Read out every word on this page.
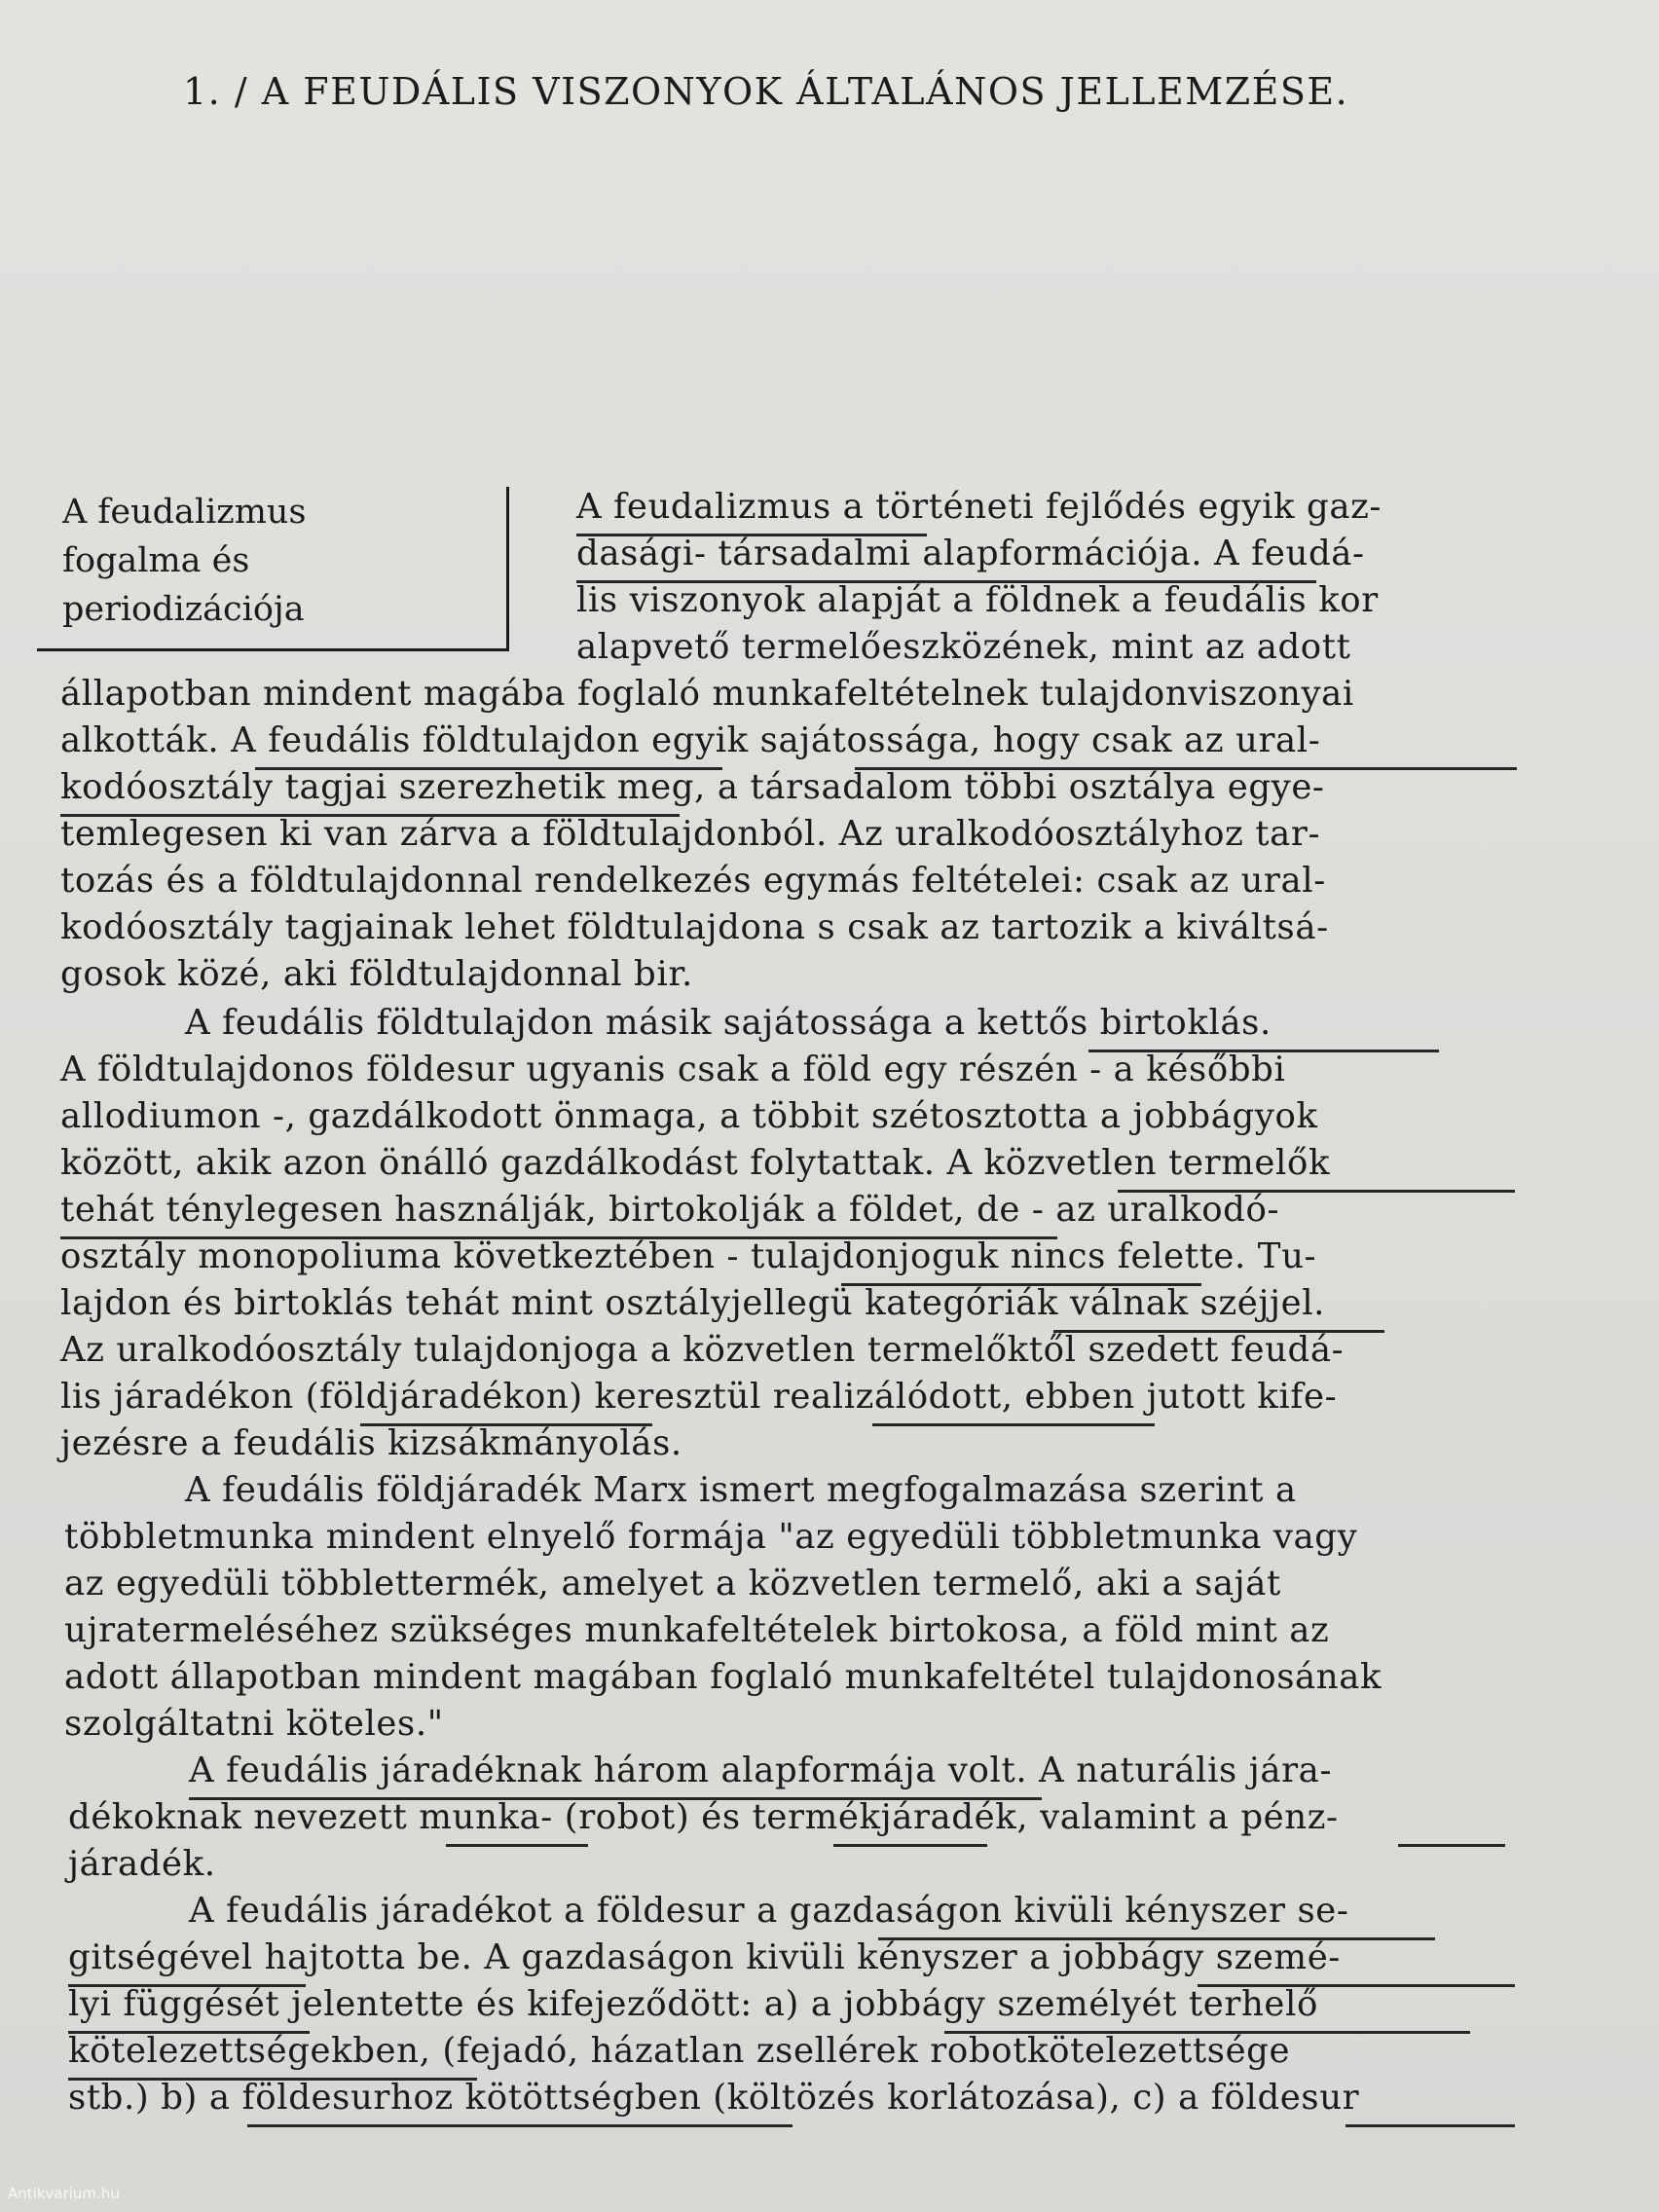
1. / A FEUDÁLIS VISZONYOK ÁLTALÁNOS JELLEMZÉSE.
A feudalizmus
fogalma és
periodizációja
A feudalizmus a történeti fejlődés egyik gaz-
dasági- társadalmi alapformációja. A feudá-
lis viszonyok alapját a földnek a feudális kor
alapvető termelőeszközének, mint az adott
állapotban mindent magába foglaló munkafeltételnek tulajdonviszonyai
alkották. A feudális földtulajdon egyik sajátossága, hogy csak az ural-
kodóosztály tagjai szerezhetik meg, a társadalom többi osztálya egye-
temlegesen ki van zárva a földtulajdonból. Az uralkodóosztályhoz tar-
tozás és a földtulajdonnal rendelkezés egymás feltételei: csak az ural-
kodóosztály tagjainak lehet földtulajdona s csak az tartozik a kiváltsá-
gosok közé, aki földtulajdonnal bir.
A feudális földtulajdon másik sajátossága a kettős birtoklás.
A földtulajdonos földesur ugyanis csak a föld egy részén - a későbbi
allodiumon -, gazdálkodott önmaga, a többit szétosztotta a jobbágyok
között, akik azon önálló gazdálkodást folytattak. A közvetlen termelők
tehát ténylegesen használják, birtokolják a földet, de - az uralkodó-
osztály monopoliuma következtében - tulajdonjoguk nincs felette. Tu-
lajdon és birtoklás tehát mint osztályjellegü kategóriák válnak széjjel.
Az uralkodóosztály tulajdonjoga a közvetlen termelőktől szedett feudá-
lis járadékon (földjáradékon) keresztül realizálódott, ebben jutott kife-
jezésre a feudális kizsákmányolás.
A feudális földjáradék Marx ismert megfogalmazása szerint a
többletmunka mindent elnyelő formája "az egyedüli többletmunka vagy
az egyedüli többlettermék, amelyet a közvetlen termelő, aki a saját
ujratermeléséhez szükséges munkafeltételek birtokosa, a föld mint az
adott állapotban mindent magában foglaló munkafeltétel tulajdonosának
szolgáltatni köteles."
A feudális járadéknak három alapformája volt. A naturális jára-
dékoknak nevezett munka- (robot) és termékjáradék, valamint a pénz-
járadék.
A feudális járadékot a földesur a gazdaságon kivüli kényszer se-
gitségével hajtotta be. A gazdaságon kivüli kényszer a jobbágy szemé-
lyi függését jelentette és kifejeződött: a) a jobbágy személyét terhelő
kötelezettségekben, (fejadó, házatlan zsellérek robotkötelezettsége
stb.) b) a földesurhoz kötöttségben (költözés korlátozása), c) a földesur
Antikvarium.hu
